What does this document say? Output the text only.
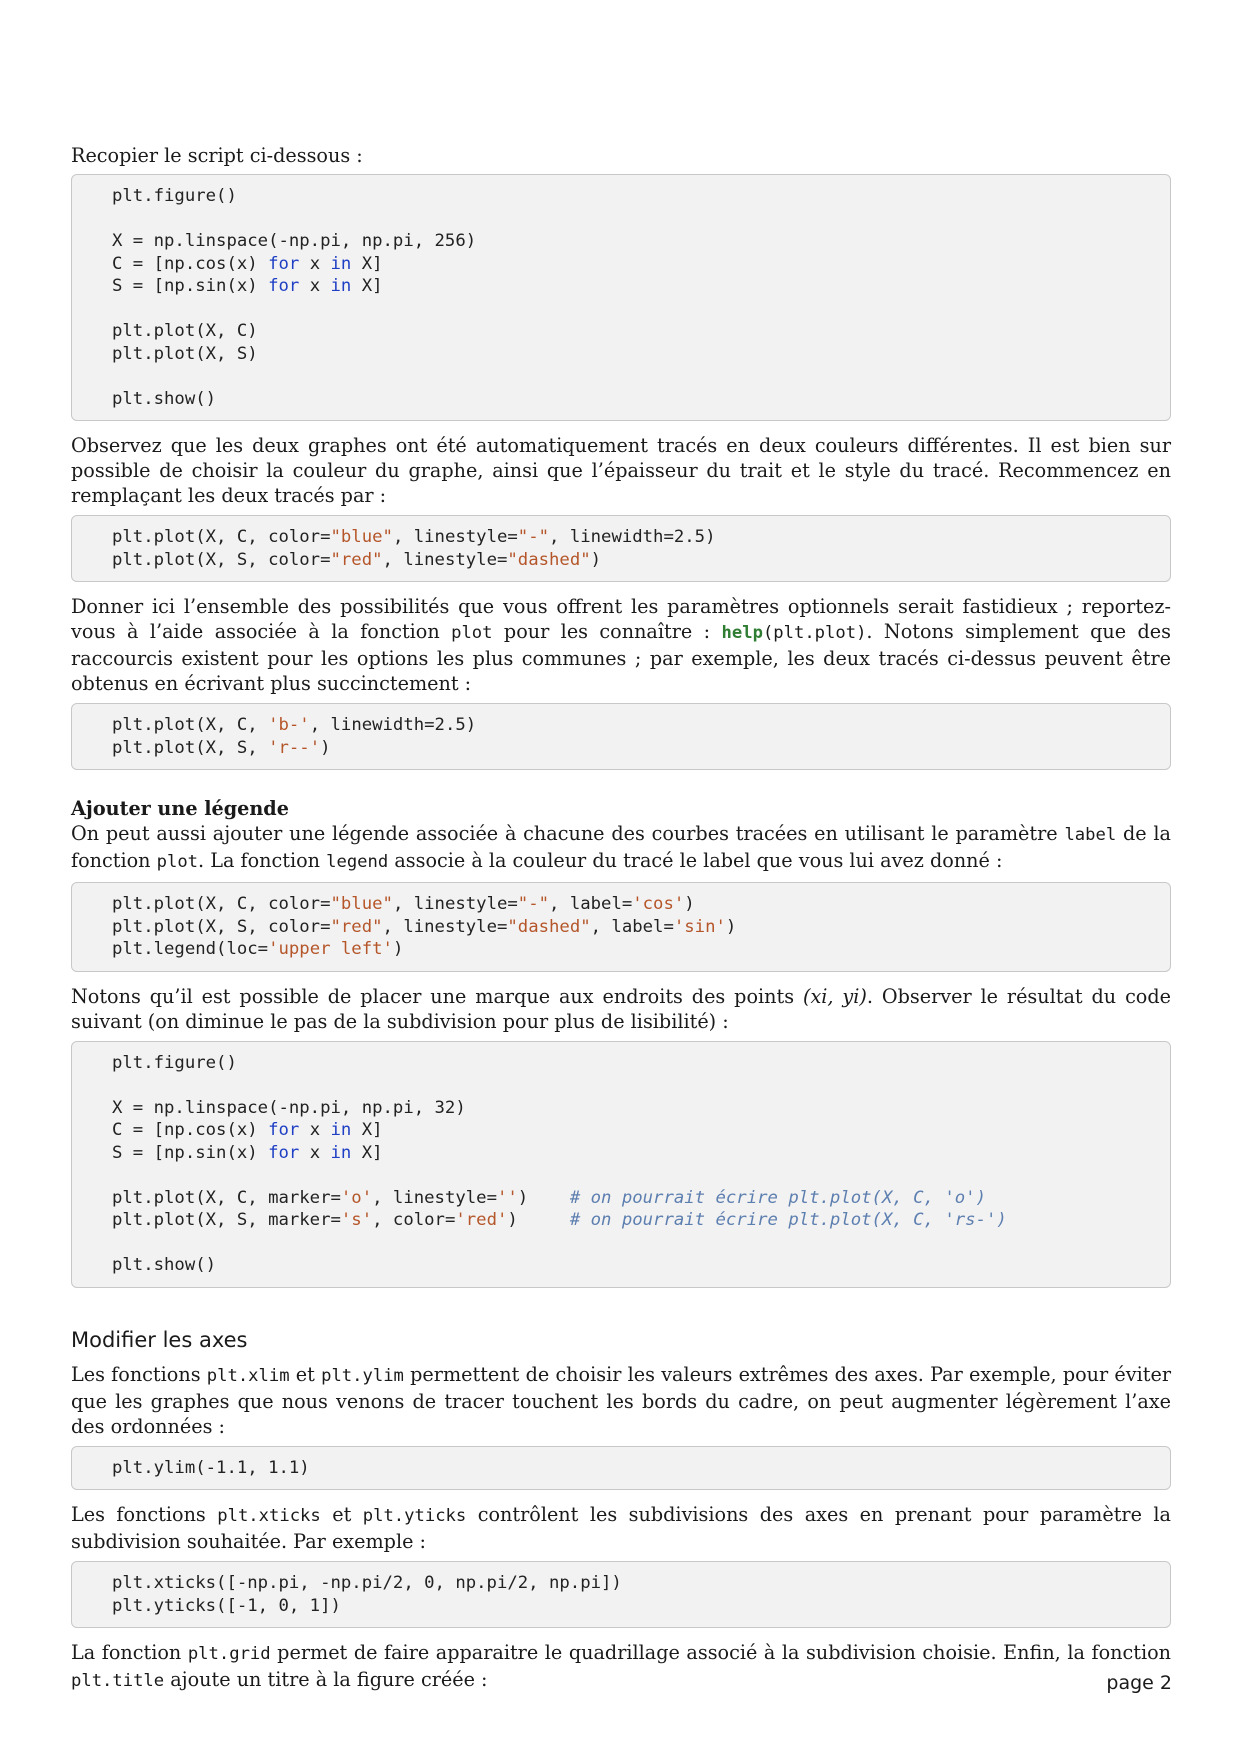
Recopier le script ci-dessous :

plt.figure()

X = np.linspace(-np.pi, np.pi, 256)
C = [np.cos(x) for x in X]
S = [np.sin(x) for x in X]

plt.plot(X, C)
plt.plot(X, S)

plt.show()

Observez que les deux graphes ont été automatiquement tracés en deux couleurs différentes. Il est bien sur possible de choisir la couleur du graphe, ainsi que l’épaisseur du trait et le style du tracé. Recommencez en remplaçant les deux tracés par :

plt.plot(X, C, color="blue", linestyle="-", linewidth=2.5)
plt.plot(X, S, color="red", linestyle="dashed")

Donner ici l’ensemble des possibilités que vous offrent les paramètres optionnels serait fastidieux ; reportez-vous à l’aide associée à la fonction plot pour les connaître : help(plt.plot). Notons simplement que des raccourcis existent pour les options les plus communes ; par exemple, les deux tracés ci-dessus peuvent être obtenus en écrivant plus succinctement :

plt.plot(X, C, 'b-', linewidth=2.5)
plt.plot(X, S, 'r--')

Ajouter une légende

On peut aussi ajouter une légende associée à chacune des courbes tracées en utilisant le paramètre label de la fonction plot. La fonction legend associe à la couleur du tracé le label que vous lui avez donné :

plt.plot(X, C, color="blue", linestyle="-", label='cos')
plt.plot(X, S, color="red", linestyle="dashed", label='sin')
plt.legend(loc='upper left')

Notons qu’il est possible de placer une marque aux endroits des points (xi, yi). Observer le résultat du code suivant (on diminue le pas de la subdivision pour plus de lisibilité) :

plt.figure()

X = np.linspace(-np.pi, np.pi, 32)
C = [np.cos(x) for x in X]
S = [np.sin(x) for x in X]

plt.plot(X, C, marker='o', linestyle='')    # on pourrait écrire plt.plot(X, C, 'o')
plt.plot(X, S, marker='s', color='red')     # on pourrait écrire plt.plot(X, C, 'rs-')

plt.show()
Modifier les axes

Les fonctions plt.xlim et plt.ylim permettent de choisir les valeurs extrêmes des axes. Par exemple, pour éviter que les graphes que nous venons de tracer touchent les bords du cadre, on peut augmenter légèrement l’axe des ordonnées :

plt.ylim(-1.1, 1.1)

Les fonctions plt.xticks et plt.yticks contrôlent les subdivisions des axes en prenant pour paramètre la subdivision souhaitée. Par exemple :

plt.xticks([-np.pi, -np.pi/2, 0, np.pi/2, np.pi])
plt.yticks([-1, 0, 1])

La fonction plt.grid permet de faire apparaitre le quadrillage associé à la subdivision choisie. Enfin, la fonction plt.title ajoute un titre à la figure créée :	page 2
